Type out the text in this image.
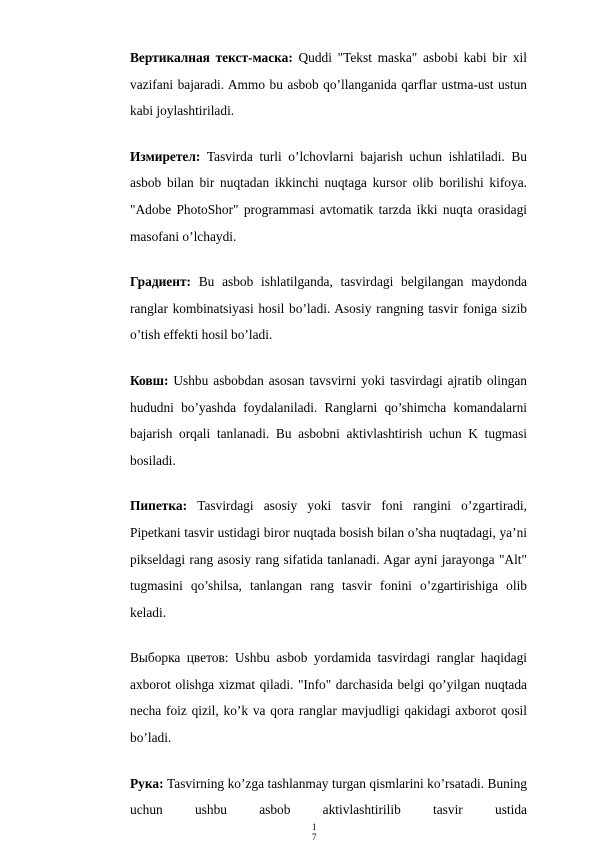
Вертикалная текст-маска: Quddi "Tekst maska" asbobi kabi bir xil vazifani bajaradi. Ammo bu asbob qo’llanganida qarflar ustma-ust ustun kabi joylashtiriladi.

Измиретел: Tasvirda turli o’lchovlarni bajarish uchun ishlatiladi. Bu asbob bilan bir nuqtadan ikkinchi nuqtaga kursor olib borilishi kifoya. "Adobe PhotoShor" programmasi avtomatik tarzda ikki nuqta orasidagi masofani o’lchaydi.

Градиент: Bu asbob ishlatilganda, tasvirdagi belgilangan maydonda ranglar kombinatsiyasi hosil bo’ladi. Asosiy rangning tasvir foniga sizib o’tish effekti hosil bo’ladi.

Ковш: Ushbu asbobdan asosan tavsvirni yoki tasvirdagi ajratib olingan hududni bo’yashda foydalaniladi. Ranglarni qo’shimcha komandalarni bajarish orqali tanlanadi. Bu asbobni aktivlashtirish uchun K tugmasi bosiladi.

Пипетка: Tasvirdagi asosiy yoki tasvir foni rangini o’zgartiradi, Pipetkani tasvir ustidagi biror nuqtada bosish bilan o’sha nuqtadagi, ya’ni pikseldagi rang asosiy rang sifatida tanlanadi. Agar ayni jarayonga "Alt" tugmasini qo’shilsa, tanlangan rang tasvir fonini o’zgartirishiga olib keladi.

Выборка цветов: Ushbu asbob yordamida tasvirdagi ranglar haqidagi axborot olishga xizmat qiladi. "Info" darchasida belgi qo’yilgan nuqtada necha foiz qizil, ko’k va qora ranglar mavjudligi qakidagi axborot qosil bo’ladi.

Рука: Tasvirning ko’zga tashlanmay turgan qismlarini ko’rsatadi. Buning uchun ushbu asbob aktivlashtirilib tasvir ustida

1
7
